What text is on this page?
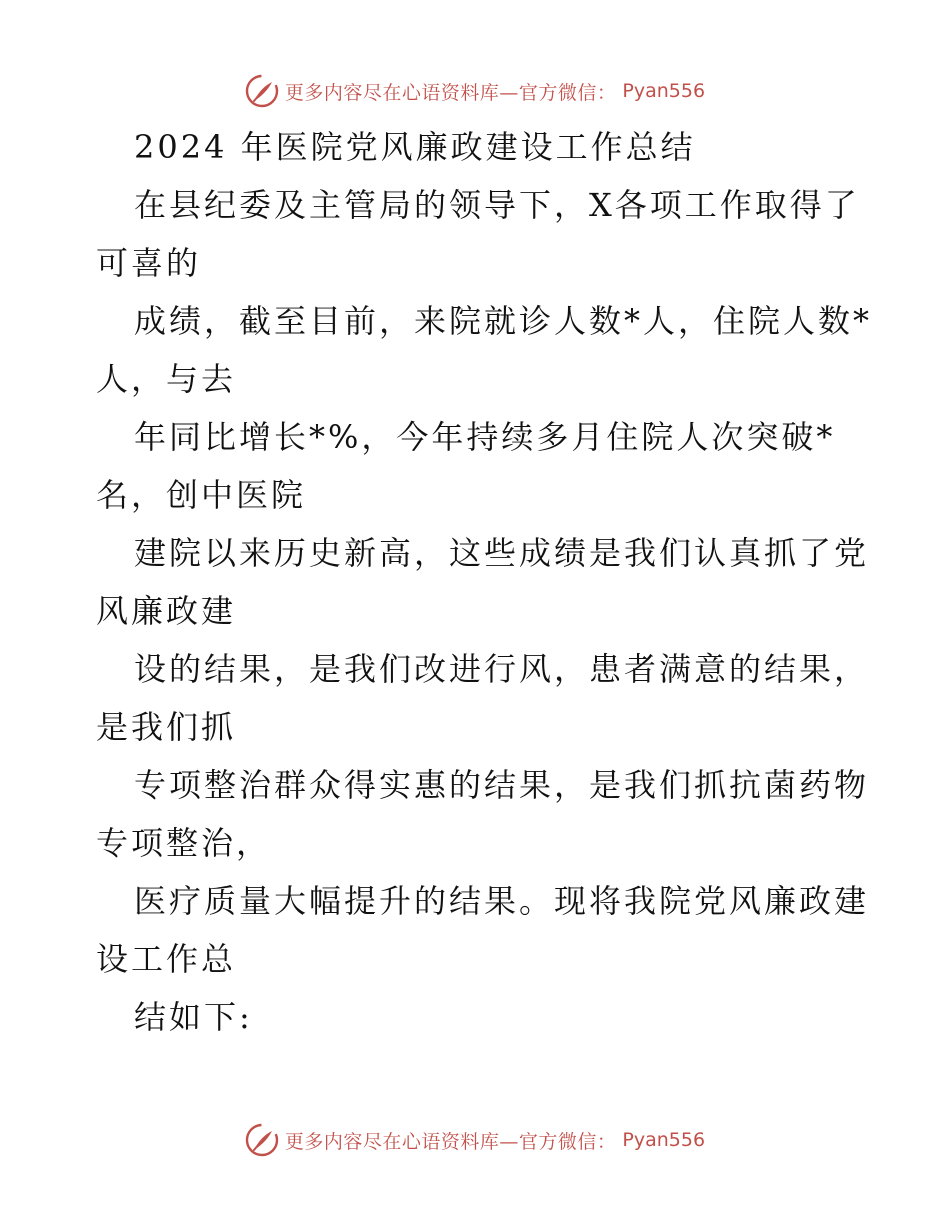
更多内容尽在心语资料库—官方微信： Pyan556
2024 年医院党风廉政建设工作总结
在县纪委及主管局的领导下，X各项工作取得了
可喜的
成绩，截至目前，来院就诊人数*人，住院人数*
人，与去
年同比增长*%，今年持续多月住院人次突破*
名，创中医院
建院以来历史新高，这些成绩是我们认真抓了党
风廉政建
设的结果，是我们改进行风，患者满意的结果，
是我们抓
专项整治群众得实惠的结果，是我们抓抗菌药物
专项整治，
医疗质量大幅提升的结果。现将我院党风廉政建
设工作总
结如下:
更多内容尽在心语资料库—官方微信： Pyan556
